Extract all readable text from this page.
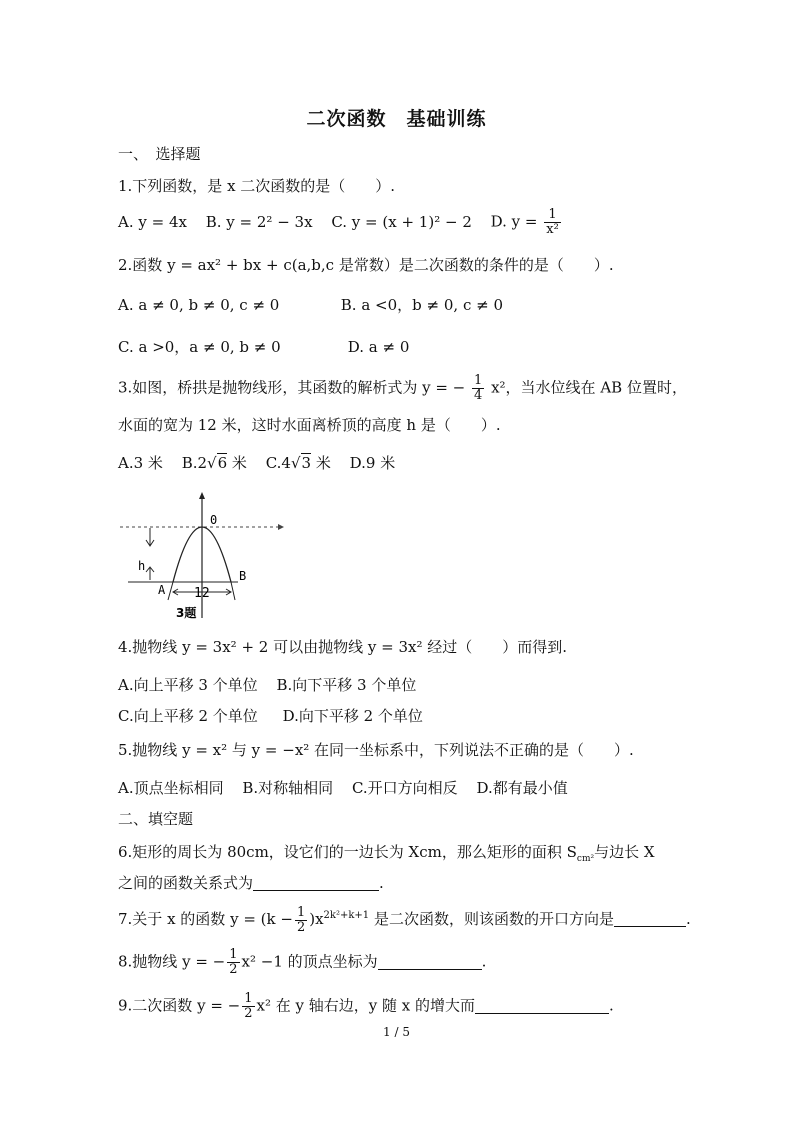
二次函数　基础训练
一、　选择题
1.下列函数，是 x 二次函数的是（　　）.
A. y = 4x B. y = 2² − 3x C. y = (x + 1)² − 2 D. $y = \frac{1}{\text{x²}}$
2.函数 y = ax² + bx + c(a,b,c 是常数）是二次函数的条件的是（　　）.
A. a ≠ 0, b ≠ 0, c ≠ 0	B. a <0，b ≠ 0, c ≠ 0
C. a >0，a ≠ 0, b ≠ 0	D. a ≠ 0
3.如图，桥拱是抛物线形，其函数的解析式为 y = − $\frac{1}{4} x^2$，当水位线在 AB 位置时，
水面的宽为 12 米，这时水面离桥顶的高度 h 是（　　）.
A.3 米 B.2√6 米 C.4√3 米 D.9 米
0
h
A
B
12
3题
4.抛物线 y = 3x² + 2 可以由抛物线 y = 3x² 经过（　　）而得到.
A.向上平移 3 个单位 B.向下平移 3 个单位
C.向上平移 2 个单位 D.向下平移 2 个单位
5.抛物线 y = x² 与 y = −x² 在同一坐标系中，下列说法不正确的是（　　）.
A.顶点坐标相同 B.对称轴相同 C.开口方向相反 D.都有最小值
二、填空题
6.矩形的周长为 80cm，设它们的一边长为 Xcm，那么矩形的面积 $S_{cm^2}$与边长 X
之间的函数关系式为	.
7.关于 x 的函数 $y = (k - \frac{1}{2} )x^{2k^2+k+1}$ 是二次函数，则该函数的开口方向是	.
8.抛物线 y = − $\frac{1}{2} x^2 -1$ 的顶点坐标为	.
9.二次函数 y = − $\frac{1}{2} x^2$ 在 y 轴右边，y 随 x 的增大而	.
1 / 5
